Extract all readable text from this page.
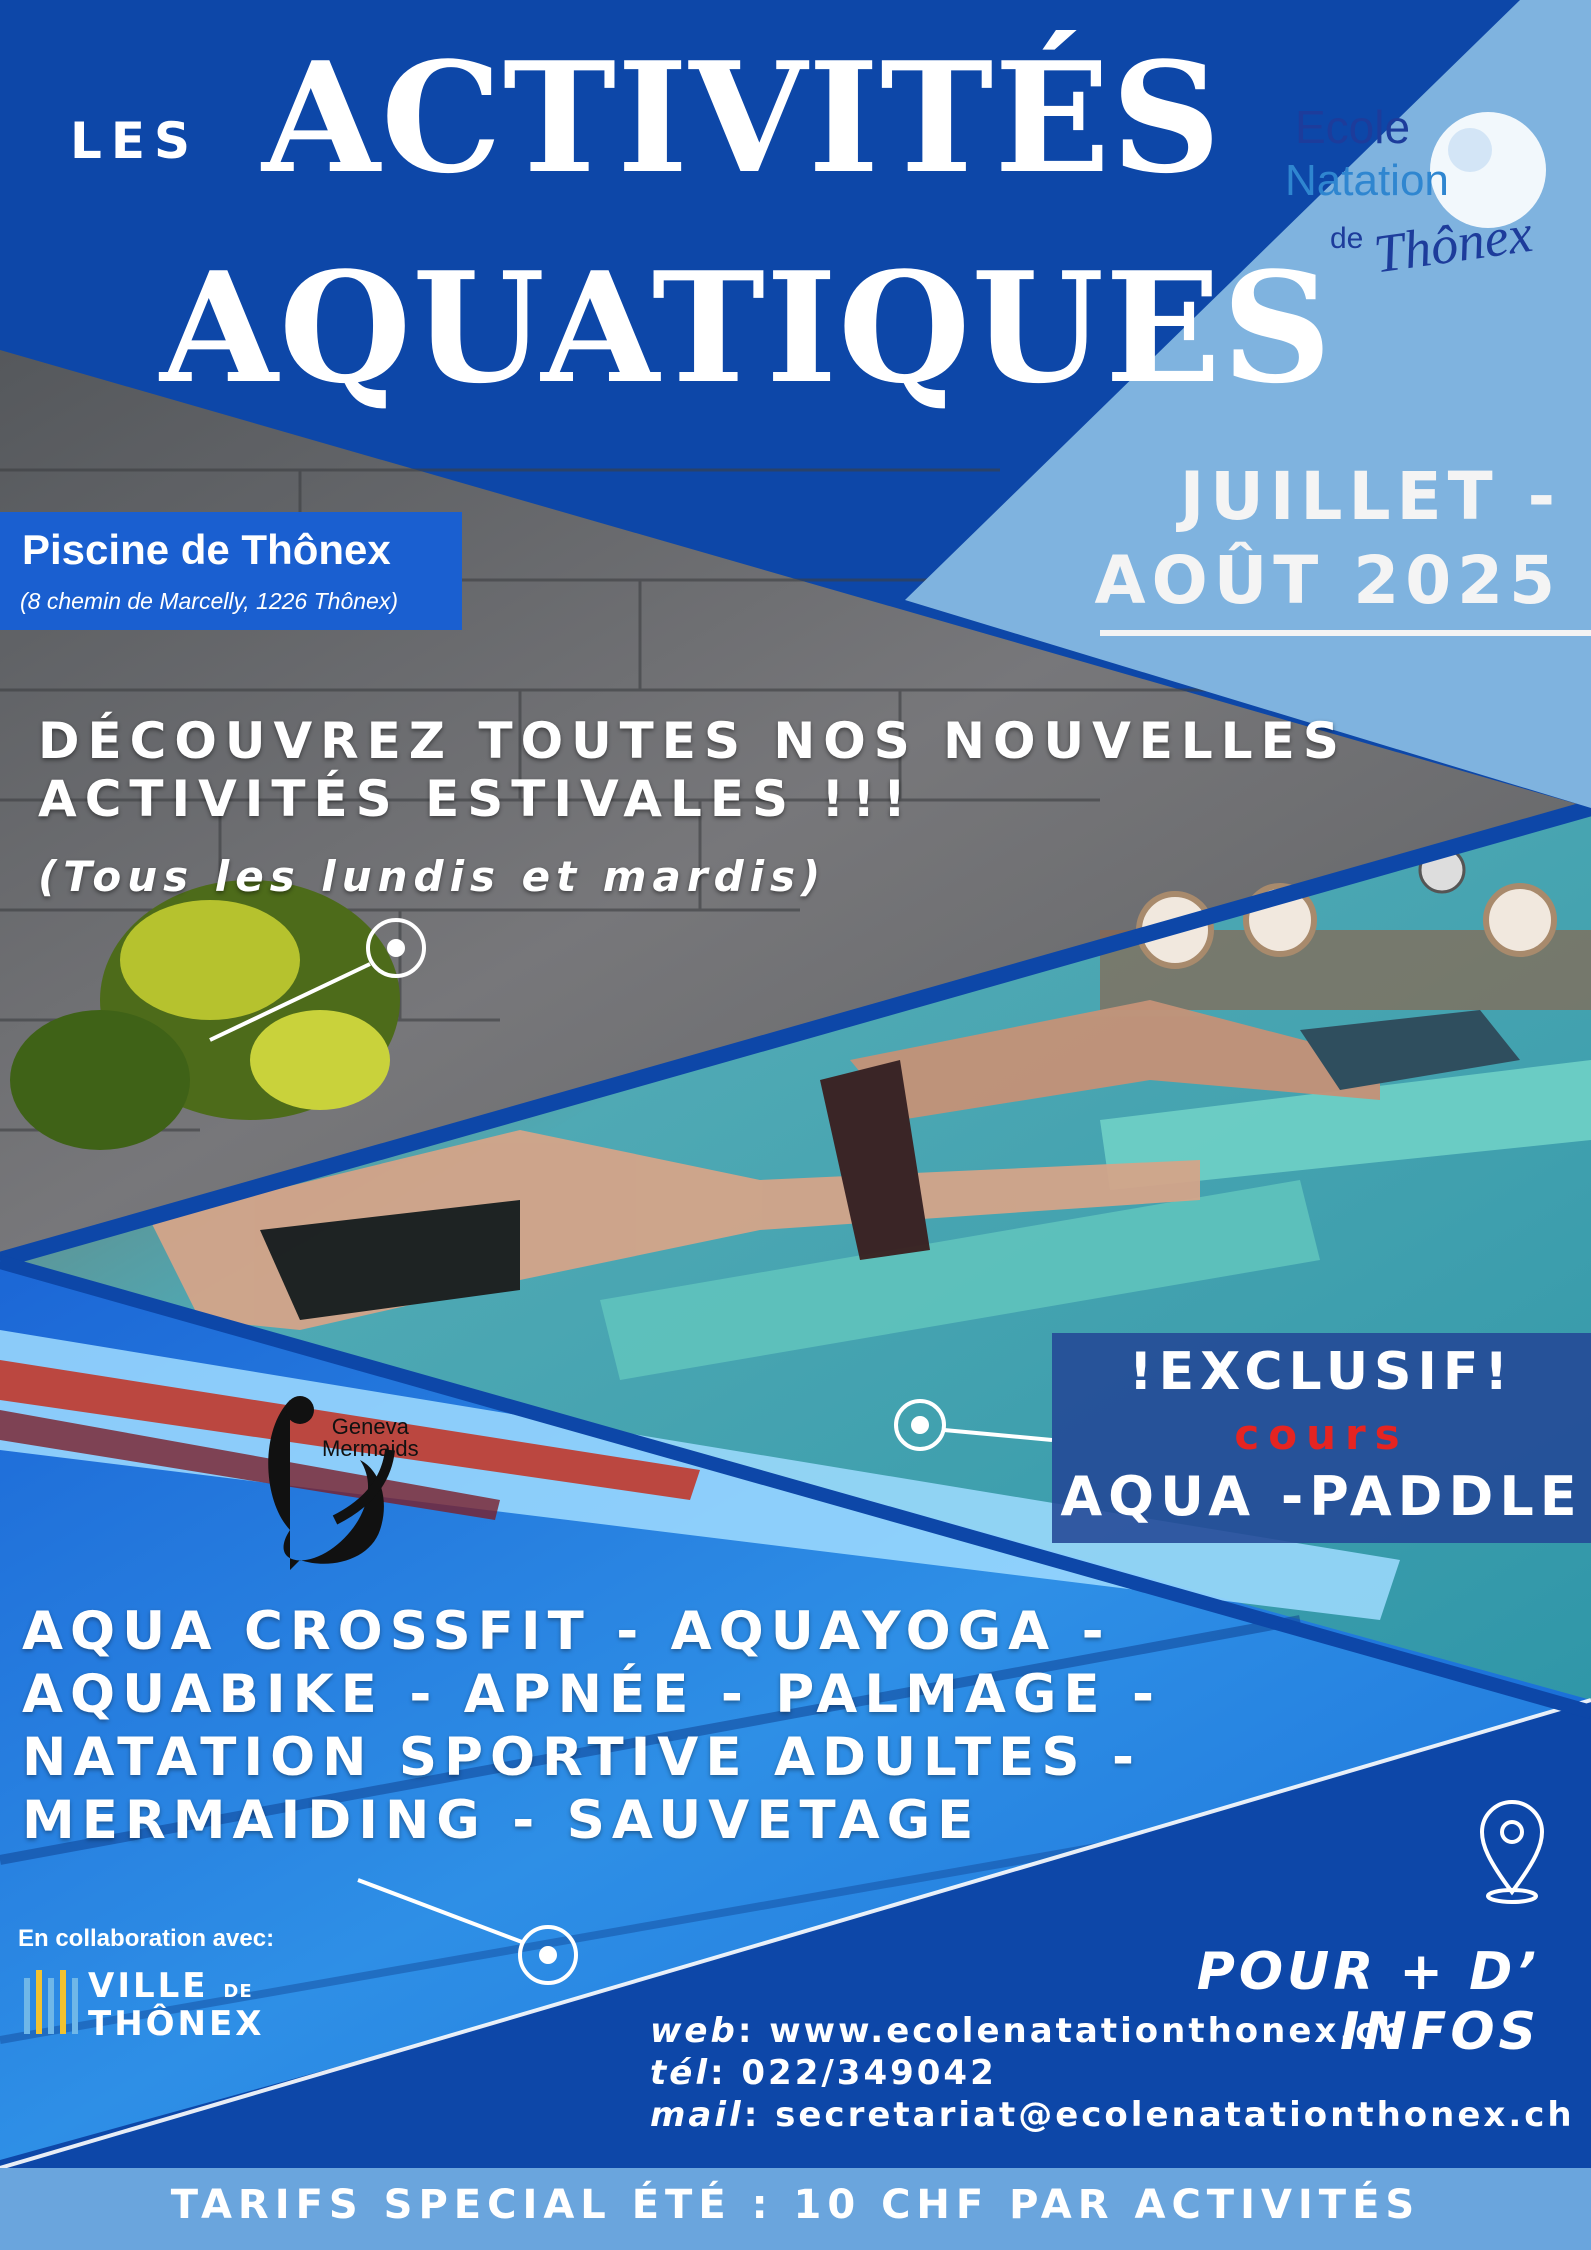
LES ACTIVITÉS
AQUATIQUES
Ecole
Natation
de Thônex
JUILLET -
AOÛT 2025
Piscine de Thônex
(8 chemin de Marcelly, 1226 Thônex)
DÉCOUVREZ TOUTES NOS NOUVELLES
ACTIVITÉS ESTIVALES !!!
(Tous les lundis et mardis)
!EXCLUSIF!
cours
AQUA -PADDLE
Geneva
Mermaids
AQUA CROSSFIT - AQUAYOGA -
AQUABIKE - APNÉE - PALMAGE -
NATATION SPORTIVE ADULTES -
MERMAIDING - SAUVETAGE
En collaboration avec:
VILLE DE
THÔNEX
POUR + D’ INFOS
web: www.ecolenatationthonex.ch
tél: 022/349042
mail: secretariat@ecolenatationthonex.ch
TARIFS SPECIAL ÉTÉ : 10 CHF PAR ACTIVITÉS
